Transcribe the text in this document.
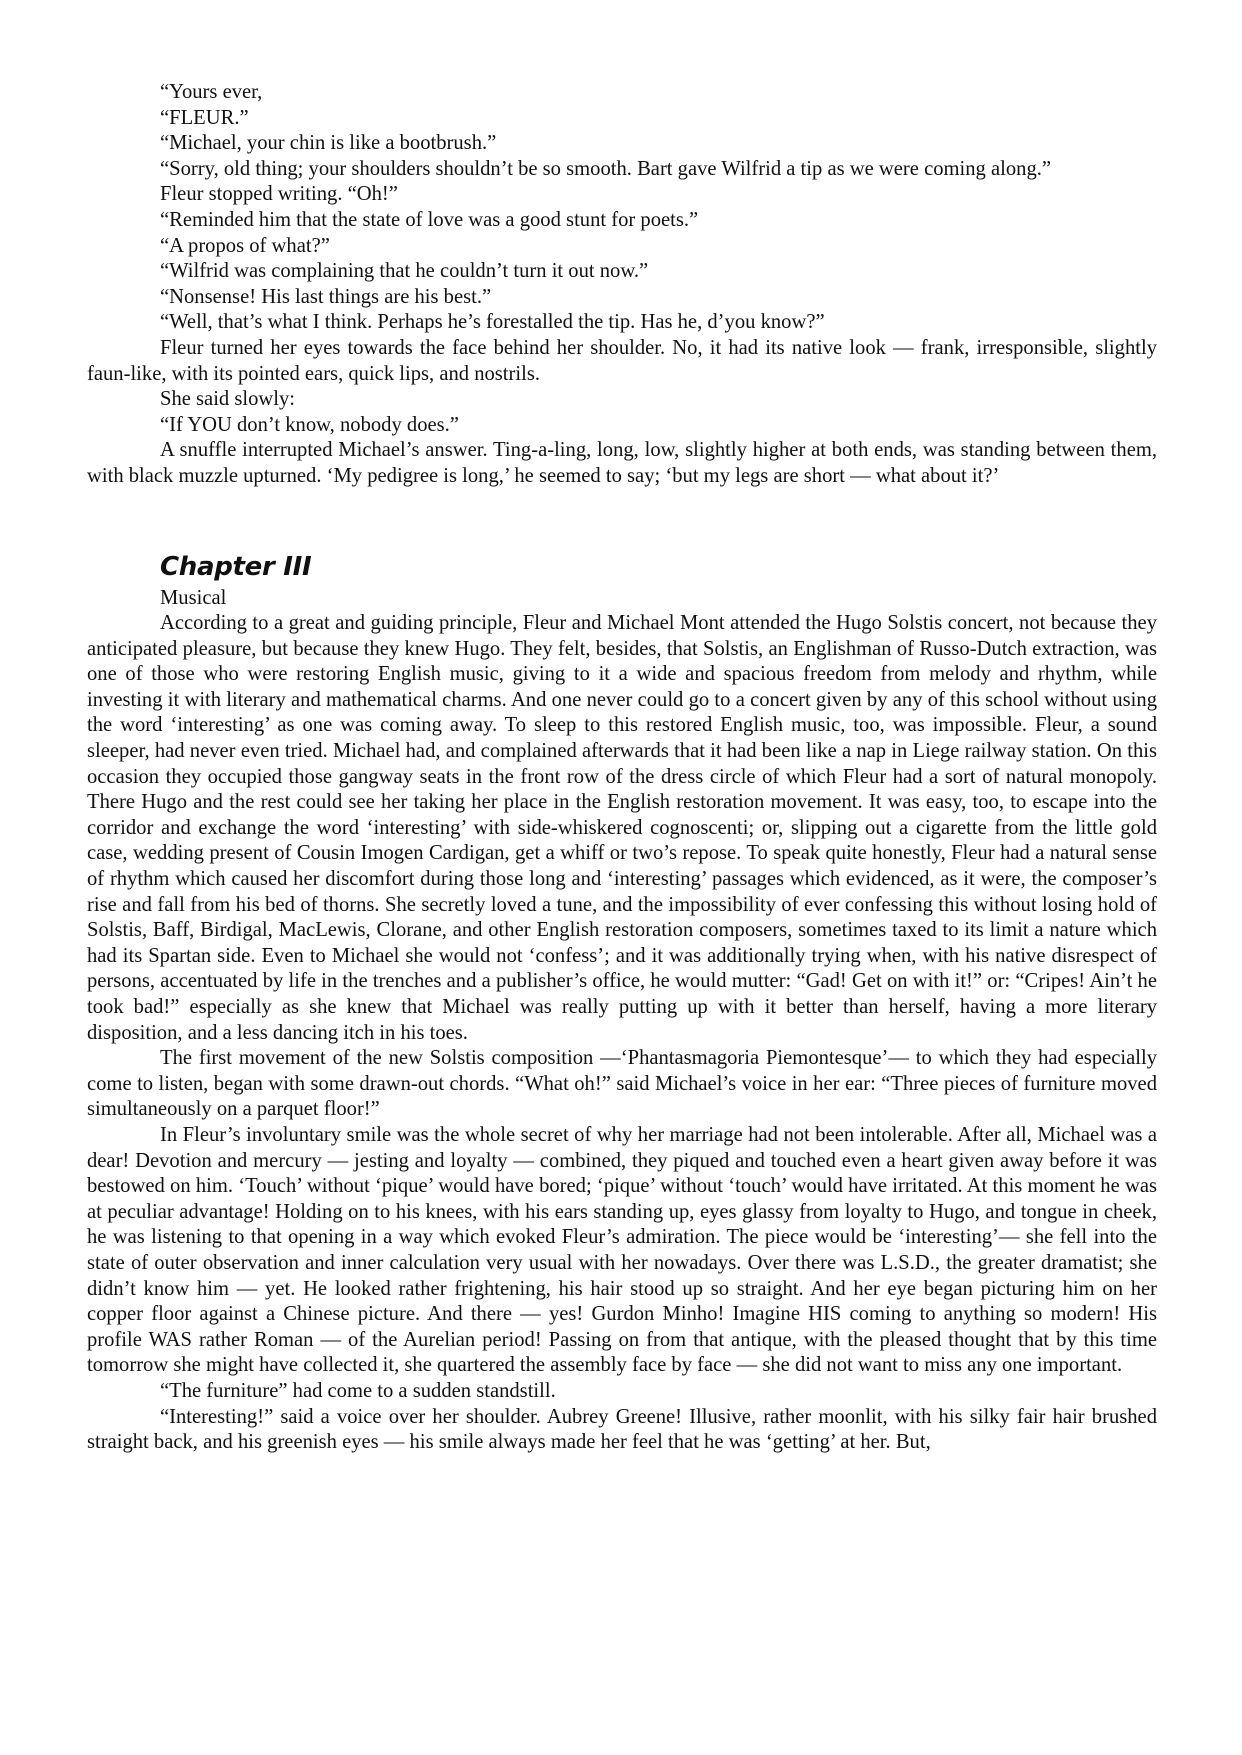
“Yours ever,

“FLEUR.”

“Michael, your chin is like a bootbrush.”

“Sorry, old thing; your shoulders shouldn’t be so smooth. Bart gave Wilfrid a tip as we were coming along.”

Fleur stopped writing. “Oh!”

“Reminded him that the state of love was a good stunt for poets.”

“A propos of what?”

“Wilfrid was complaining that he couldn’t turn it out now.”

“Nonsense! His last things are his best.”

“Well, that’s what I think. Perhaps he’s forestalled the tip. Has he, d’you know?”

Fleur turned her eyes towards the face behind her shoulder. No, it had its native look — frank, irresponsible, slightly faun-like, with its pointed ears, quick lips, and nostrils.

She said slowly:

“If YOU don’t know, nobody does.”

A snuffle interrupted Michael’s answer. Ting-a-ling, long, low, slightly higher at both ends, was standing between them, with black muzzle upturned. ‘My pedigree is long,’ he seemed to say; ‘but my legs are short — what about it?’

Chapter III

Musical

According to a great and guiding principle, Fleur and Michael Mont attended the Hugo Solstis concert, not because they anticipated pleasure, but because they knew Hugo. They felt, besides, that Solstis, an Englishman of Russo-Dutch extraction, was one of those who were restoring English music, giving to it a wide and spacious freedom from melody and rhythm, while investing it with literary and mathematical charms. And one never could go to a concert given by any of this school without using the word ‘interesting’ as one was coming away. To sleep to this restored English music, too, was impossible. Fleur, a sound sleeper, had never even tried. Michael had, and complained afterwards that it had been like a nap in Liege railway station. On this occasion they occupied those gangway seats in the front row of the dress circle of which Fleur had a sort of natural monopoly. There Hugo and the rest could see her taking her place in the English restoration movement. It was easy, too, to escape into the corridor and exchange the word ‘interesting’ with side-whiskered cognoscenti; or, slipping out a cigarette from the little gold case, wedding present of Cousin Imogen Cardigan, get a whiff or two’s repose. To speak quite honestly, Fleur had a natural sense of rhythm which caused her discomfort during those long and ‘interesting’ passages which evidenced, as it were, the composer’s rise and fall from his bed of thorns. She secretly loved a tune, and the impossibility of ever confessing this without losing hold of Solstis, Baff, Birdigal, MacLewis, Clorane, and other English restoration composers, sometimes taxed to its limit a nature which had its Spartan side. Even to Michael she would not ‘confess’; and it was additionally trying when, with his native disrespect of persons, accentuated by life in the trenches and a publisher’s office, he would mutter: “Gad! Get on with it!” or: “Cripes! Ain’t he took bad!” especially as she knew that Michael was really putting up with it better than herself, having a more literary disposition, and a less dancing itch in his toes.

The first movement of the new Solstis composition —‘Phantasmagoria Piemontesque’— to which they had especially come to listen, began with some drawn-out chords. “What oh!” said Michael’s voice in her ear: “Three pieces of furniture moved simultaneously on a parquet floor!”

In Fleur’s involuntary smile was the whole secret of why her marriage had not been intolerable. After all, Michael was a dear! Devotion and mercury — jesting and loyalty — combined, they piqued and touched even a heart given away before it was bestowed on him. ‘Touch’ without ‘pique’ would have bored; ‘pique’ without ‘touch’ would have irritated. At this moment he was at peculiar advantage! Holding on to his knees, with his ears standing up, eyes glassy from loyalty to Hugo, and tongue in cheek, he was listening to that opening in a way which evoked Fleur’s admiration. The piece would be ‘interesting’— she fell into the state of outer observation and inner calculation very usual with her nowadays. Over there was L.S.D., the greater dramatist; she didn’t know him — yet. He looked rather frightening, his hair stood up so straight. And her eye began picturing him on her copper floor against a Chinese picture. And there — yes! Gurdon Minho! Imagine HIS coming to anything so modern! His profile WAS rather Roman — of the Aurelian period! Passing on from that antique, with the pleased thought that by this time tomorrow she might have collected it, she quartered the assembly face by face — she did not want to miss any one important.

“The furniture” had come to a sudden standstill.

“Interesting!” said a voice over her shoulder. Aubrey Greene! Illusive, rather moonlit, with his silky fair hair brushed straight back, and his greenish eyes — his smile always made her feel that he was ‘getting’ at her. But,
